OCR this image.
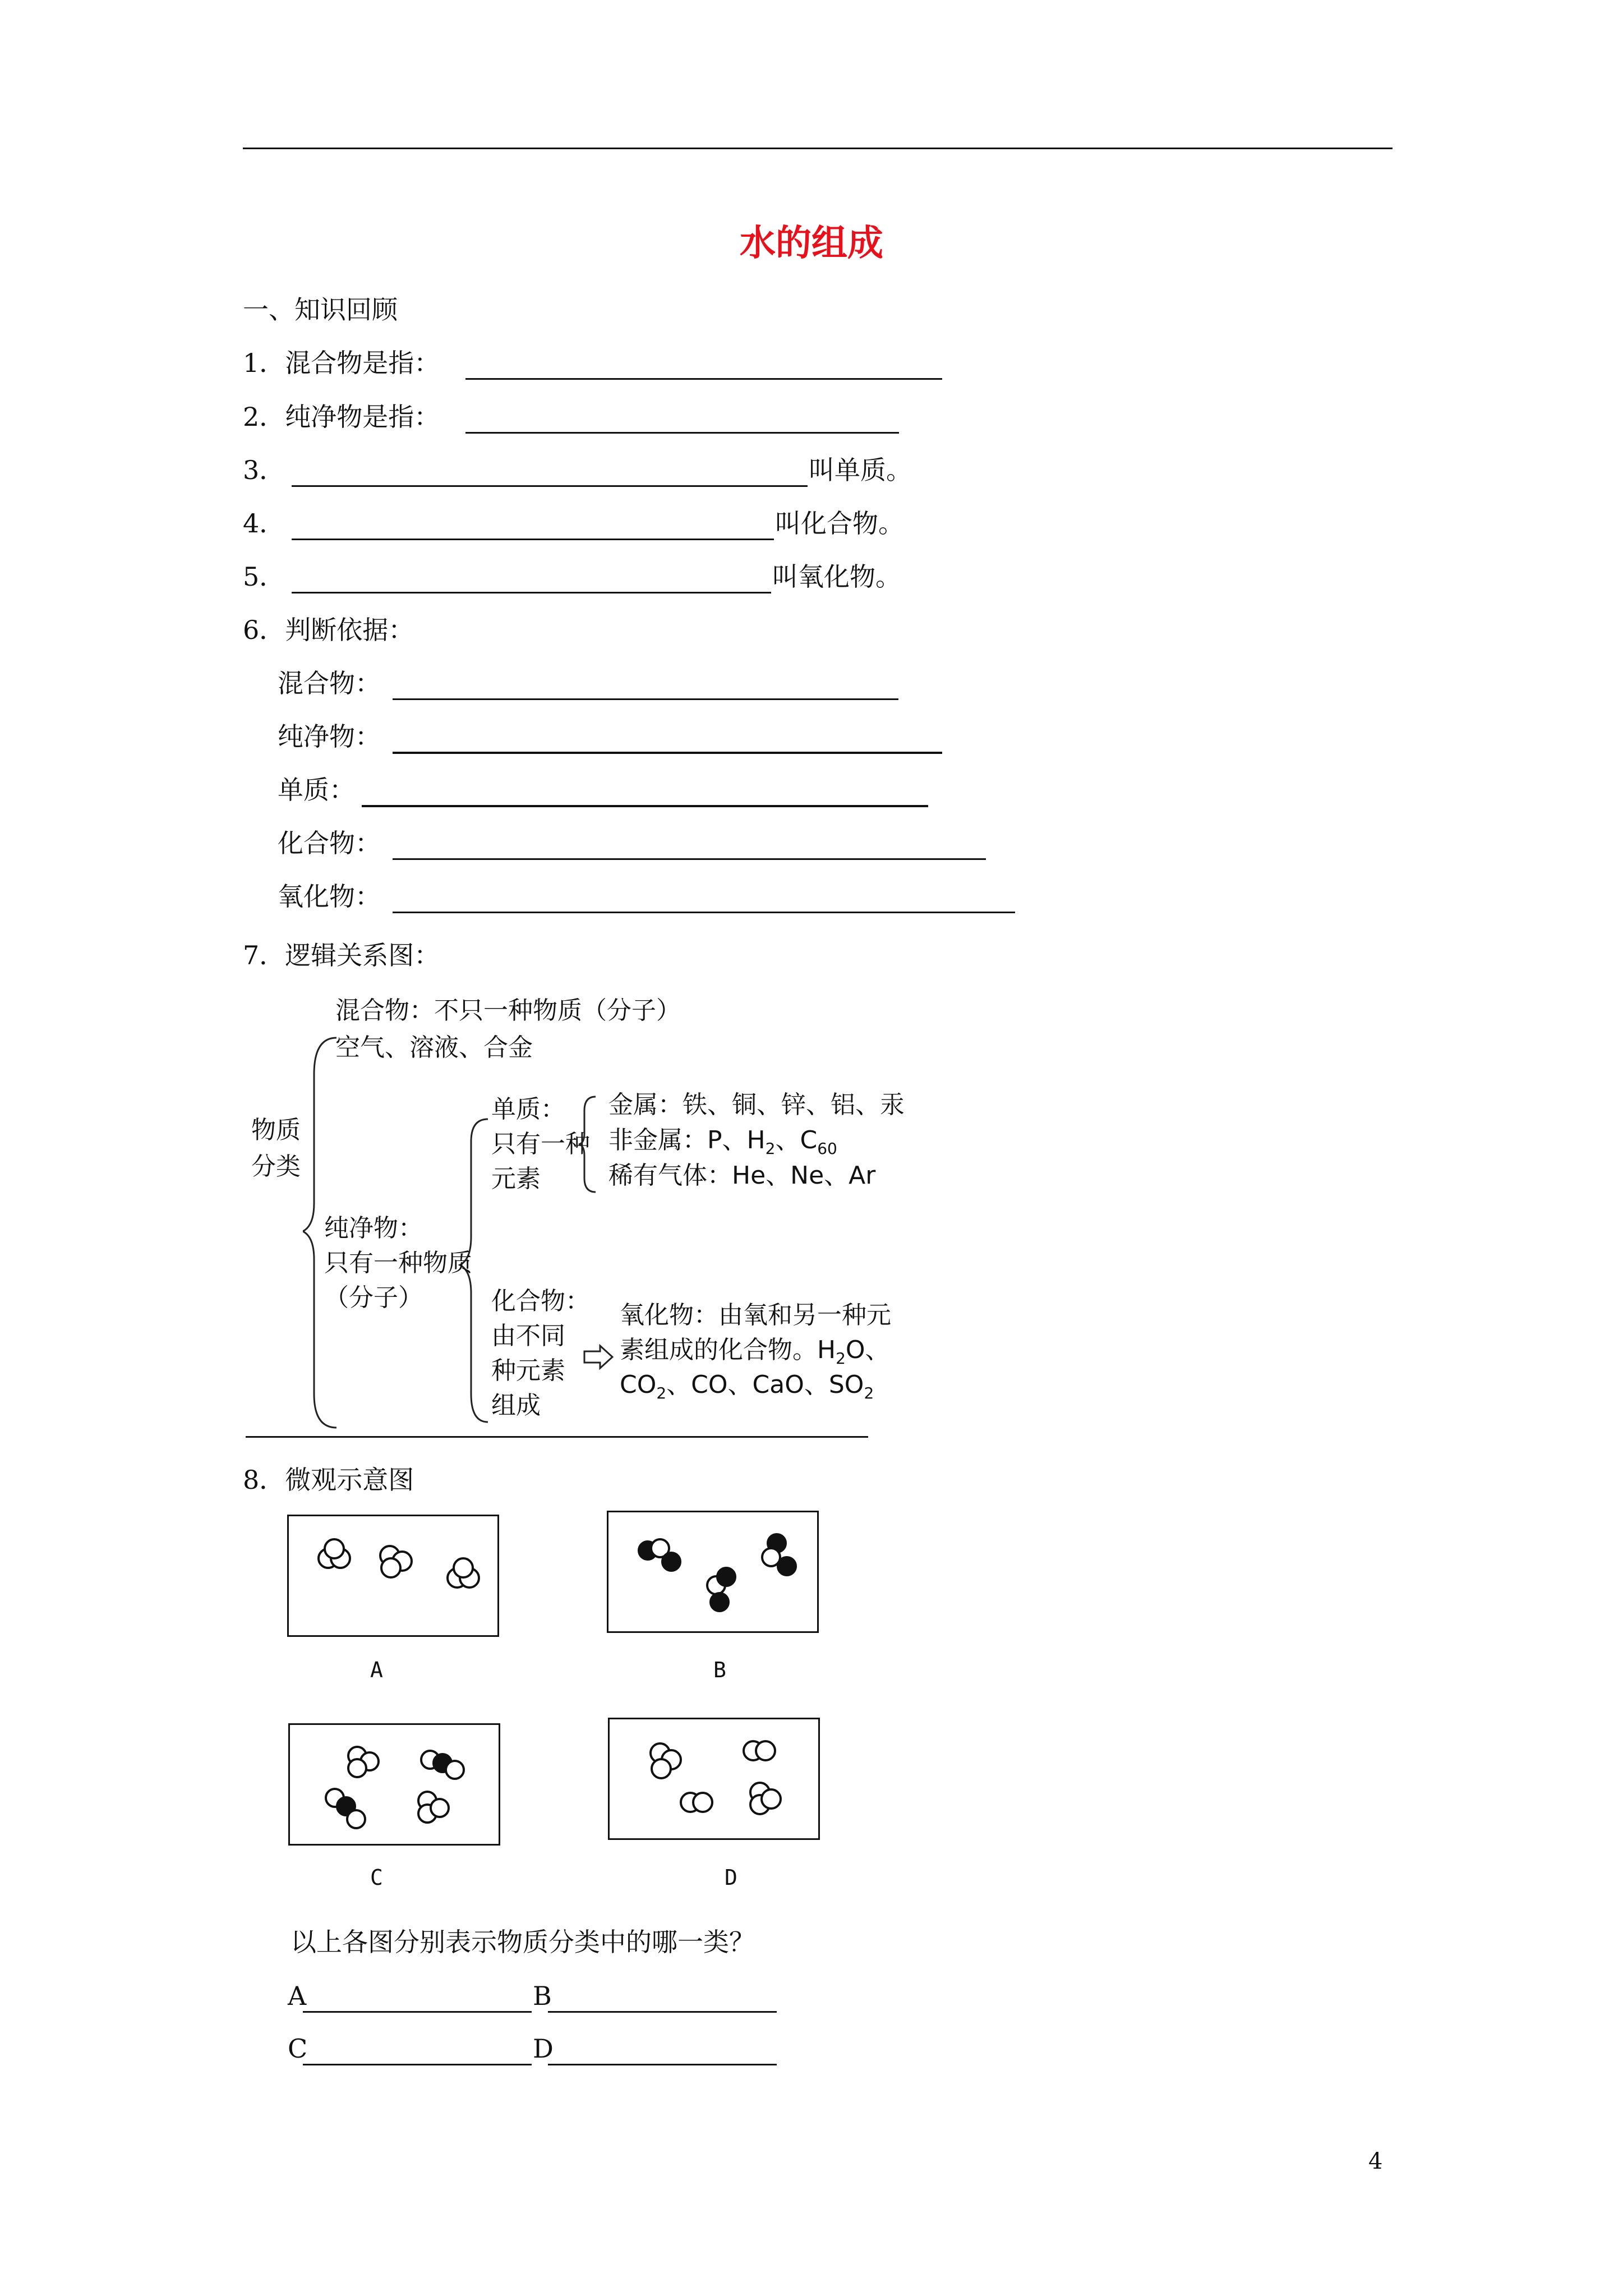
水的组成
一、知识回顾
1．混合物是指：
2．纯净物是指：
3．	叫单质。
4．	叫化合物。
5．	叫氧化物。
6．判断依据：
混合物：
纯净物：
单质：
化合物：
氧化物：
7．逻辑关系图：
物质
分类
混合物：不只一种物质（分子）
空气、溶液、合金
纯净物：
只有一种物质
（分子）
单质：
只有一种
元素
金属：铁、铜、锌、铝、汞
非金属：P、$H_2$、$C_{60}$
稀有气体：He、Ne、Ar
化合物：
由不同
种元素
组成
氧化物：由氧和另一种元
素组成的化合物。$H_2O$、
$CO_2$、CO、CaO、$SO_2$
8．微观示意图
A	B
C	D
以上各图分别表示物质分类中的哪一类？
A	B
C	D
4
